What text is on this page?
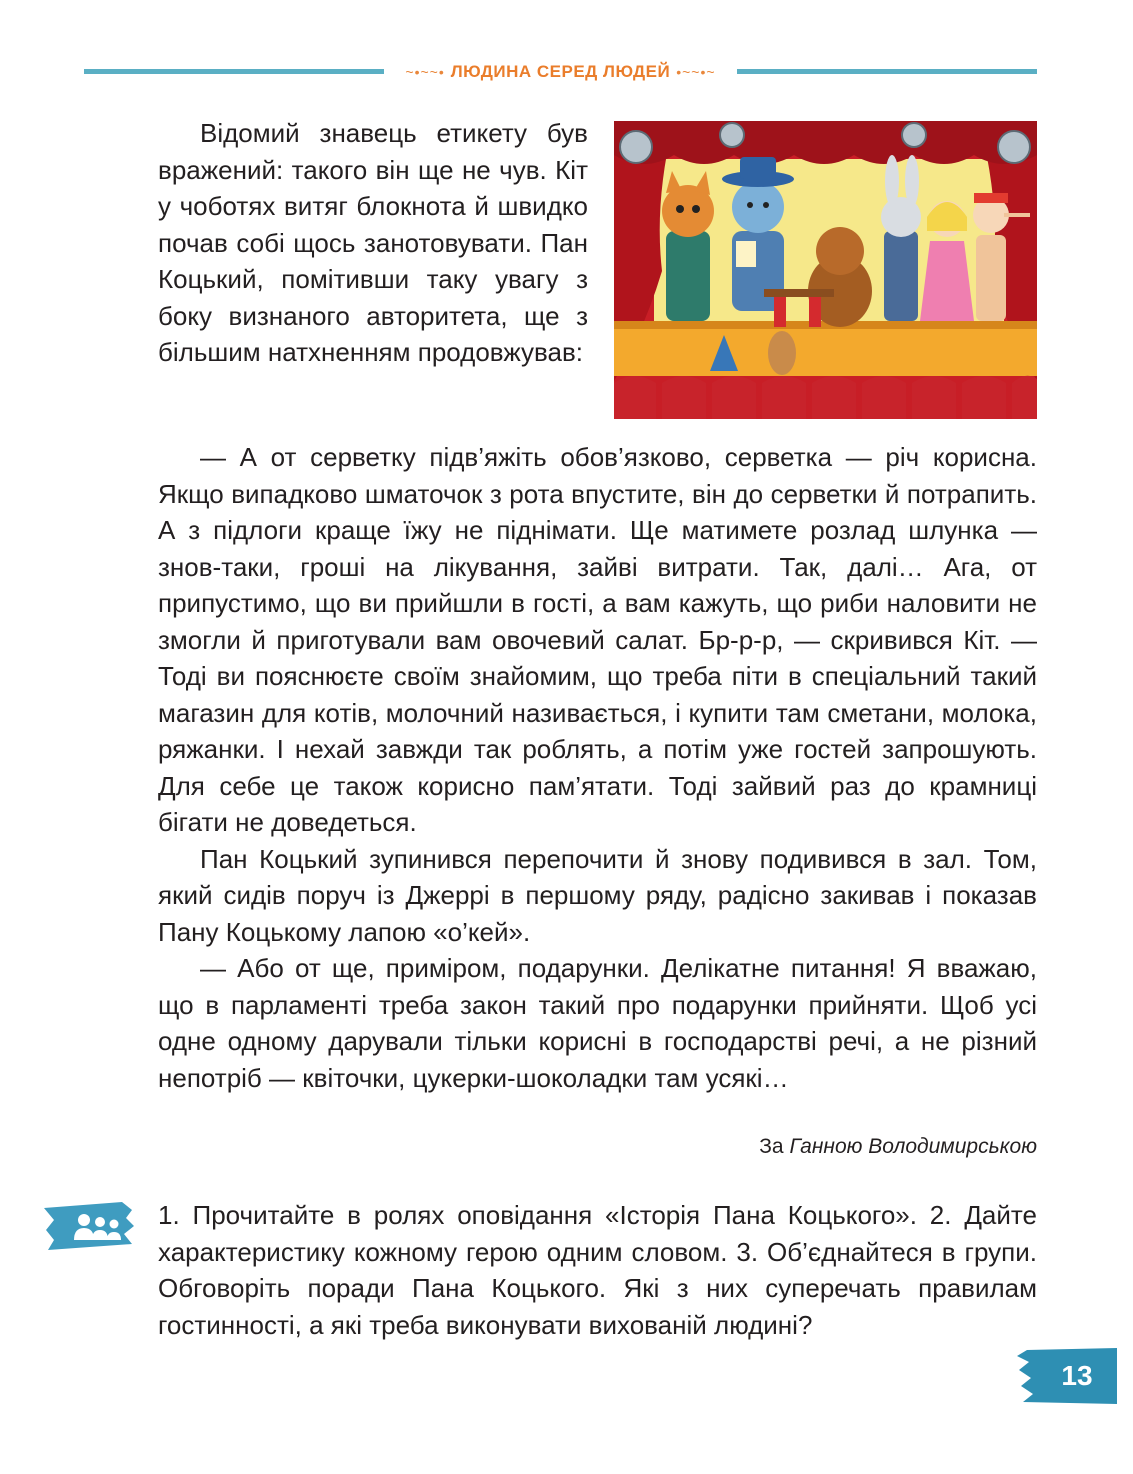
~•~~• ЛЮДИНА СЕРЕД ЛЮДЕЙ •~~•~

Відомий знавець етикету був вражений: такого він ще не чув. Кіт у чоботях витяг блокнота й швидко почав собі щось занотовувати. Пан Коцький, помітивши таку увагу з боку визнаного авторитета, ще з більшим натхненням продовжував:

— А от серветку підв’яжіть обов’язково, серветка — річ корисна. Якщо випадково шматочок з рота впустите, він до серветки й потрапить. А з підлоги краще їжу не піднімати. Ще матимете розлад шлунка — знов-таки, гроші на лікування, зайві витрати. Так, далі… Ага, от припустимо, що ви прийшли в гості, а вам кажуть, що риби наловити не змогли й приготували вам овочевий салат. Бр-р-р, — скривився Кіт. — Тоді ви пояснюєте своїм знайомим, що треба піти в спеціальний такий магазин для котів, молочний називається, і купити там сметани, молока, ряжанки. І нехай завжди так роблять, а потім уже гостей запрошують. Для себе це також корисно пам’ятати. Тоді зайвий раз до крамниці бігати не доведеться.

Пан Коцький зупинився перепочити й знову подивився в зал. Том, який сидів поруч із Джеррі в першому ряду, радісно закивав і показав Пану Коцькому лапою «о’кей».

— Або от ще, приміром, подарунки. Делікатне питання! Я вважаю, що в парламенті треба закон такий про подарунки прийняти. Щоб усі одне одному дарували тільки корисні в господарстві речі, а не різний непотріб — квіточки, цукерки-шоколадки там усякі…

За Ганною Володимирською
1. Прочитайте в ролях оповідання «Історія Пана Коцького». 2. Дайте характеристику кожному герою одним словом. 3. Об’єднайтеся в групи. Обговоріть поради Пана Коцького. Які з них суперечать правилам гостинності, а які треба виконувати вихованій людині?
13
